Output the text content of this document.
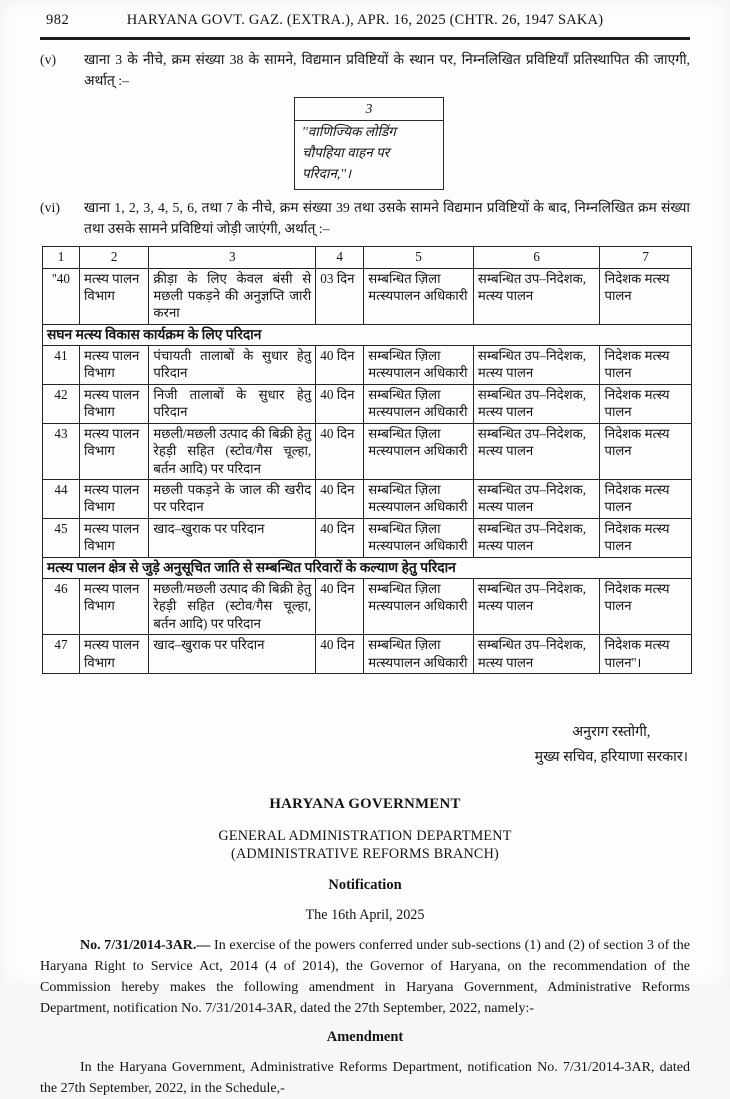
982	HARYANA GOVT. GAZ. (EXTRA.), APR. 16, 2025 (CHTR. 26, 1947 SAKA)
(v)	खाना 3 के नीचे, क्रम संख्या 38 के सामने, विद्यमान प्रविष्टियों के स्थान पर, निम्नलिखित प्रविष्टियाँ प्रतिस्थापित की जाएगी, अर्थात् :–
3

''वाणिज्यिक लोडिंग
चौपहिया वाहन पर
परिदान,''।
(vi)	खाना 1, 2, 3, 4, 5, 6, तथा 7 के नीचे, क्रम संख्या 39 तथा उसके सामने विद्यमान प्रविष्टियों के बाद, निम्नलिखित क्रम संख्या तथा उसके सामने प्रविष्टियां जोड़ी जाएंगी, अर्थात् :–
1	2	3	4	5	6	7
''40	मत्स्य पालन विभाग	क्रीड़ा के लिए केवल बंसी से मछली पकड़ने की अनुज्ञप्ति जारी करना	03 दिन	सम्बन्धित ज़िला मत्स्यपालन अधिकारी	सम्बन्धित उप–निदेशक, मत्स्य पालन	निदेशक मत्स्य पालन
सघन मत्स्य विकास कार्यक्रम के लिए परिदान						
41	मत्स्य पालन विभाग	पंचायती तालाबों के सुधार हेतु परिदान	40 दिन	सम्बन्धित ज़िला मत्स्यपालन अधिकारी	सम्बन्धित उप–निदेशक, मत्स्य पालन	निदेशक मत्स्य पालन
42	मत्स्य पालन विभाग	निजी तालाबों के सुधार हेतु परिदान	40 दिन	सम्बन्धित ज़िला मत्स्यपालन अधिकारी	सम्बन्धित उप–निदेशक, मत्स्य पालन	निदेशक मत्स्य पालन
43	मत्स्य पालन विभाग	मछली/मछली उत्पाद की बिक्री हेतु रेहड़ी सहित (स्टोव/गैस चूल्हा, बर्तन आदि) पर परिदान	40 दिन	सम्बन्धित ज़िला मत्स्यपालन अधिकारी	सम्बन्धित उप–निदेशक, मत्स्य पालन	निदेशक मत्स्य पालन
44	मत्स्य पालन विभाग	मछली पकड़ने के जाल की खरीद पर परिदान	40 दिन	सम्बन्धित ज़िला मत्स्यपालन अधिकारी	सम्बन्धित उप–निदेशक, मत्स्य पालन	निदेशक मत्स्य पालन
45	मत्स्य पालन विभाग	खाद–खुराक पर परिदान	40 दिन	सम्बन्धित ज़िला मत्स्यपालन अधिकारी	सम्बन्धित उप–निदेशक, मत्स्य पालन	निदेशक मत्स्य पालन
मत्स्य पालन क्षेत्र से जुड़े अनुसूचित जाति से सम्बन्धित परिवारों के कल्याण हेतु परिदान						
46	मत्स्य पालन विभाग	मछली/मछली उत्पाद की बिक्री हेतु रेहड़ी सहित (स्टोव/गैस चूल्हा, बर्तन आदि) पर परिदान	40 दिन	सम्बन्धित ज़िला मत्स्यपालन अधिकारी	सम्बन्धित उप–निदेशक, मत्स्य पालन	निदेशक मत्स्य पालन
47	मत्स्य पालन विभाग	खाद–खुराक पर परिदान	40 दिन	सम्बन्धित ज़िला मत्स्यपालन अधिकारी	सम्बन्धित उप–निदेशक, मत्स्य पालन	निदेशक मत्स्य पालन''।
अनुराग रस्तोगी,
मुख्य सचिव, हरियाणा सरकार।
HARYANA GOVERNMENT
GENERAL ADMINISTRATION DEPARTMENT
(ADMINISTRATIVE REFORMS BRANCH)
Notification
The 16th April, 2025

No. 7/31/2014-3AR.— In exercise of the powers conferred under sub-sections (1) and (2) of section 3 of the Haryana Right to Service Act, 2014 (4 of 2014), the Governor of Haryana, on the recommendation of the Commission hereby makes the following amendment in Haryana Government, Administrative Reforms Department, notification No. 7/31/2014-3AR, dated the 27th September, 2022, namely:-

Amendment

In the Haryana Government, Administrative Reforms Department, notification No. 7/31/2014-3AR, dated the 27th September, 2022, in the Schedule,-
